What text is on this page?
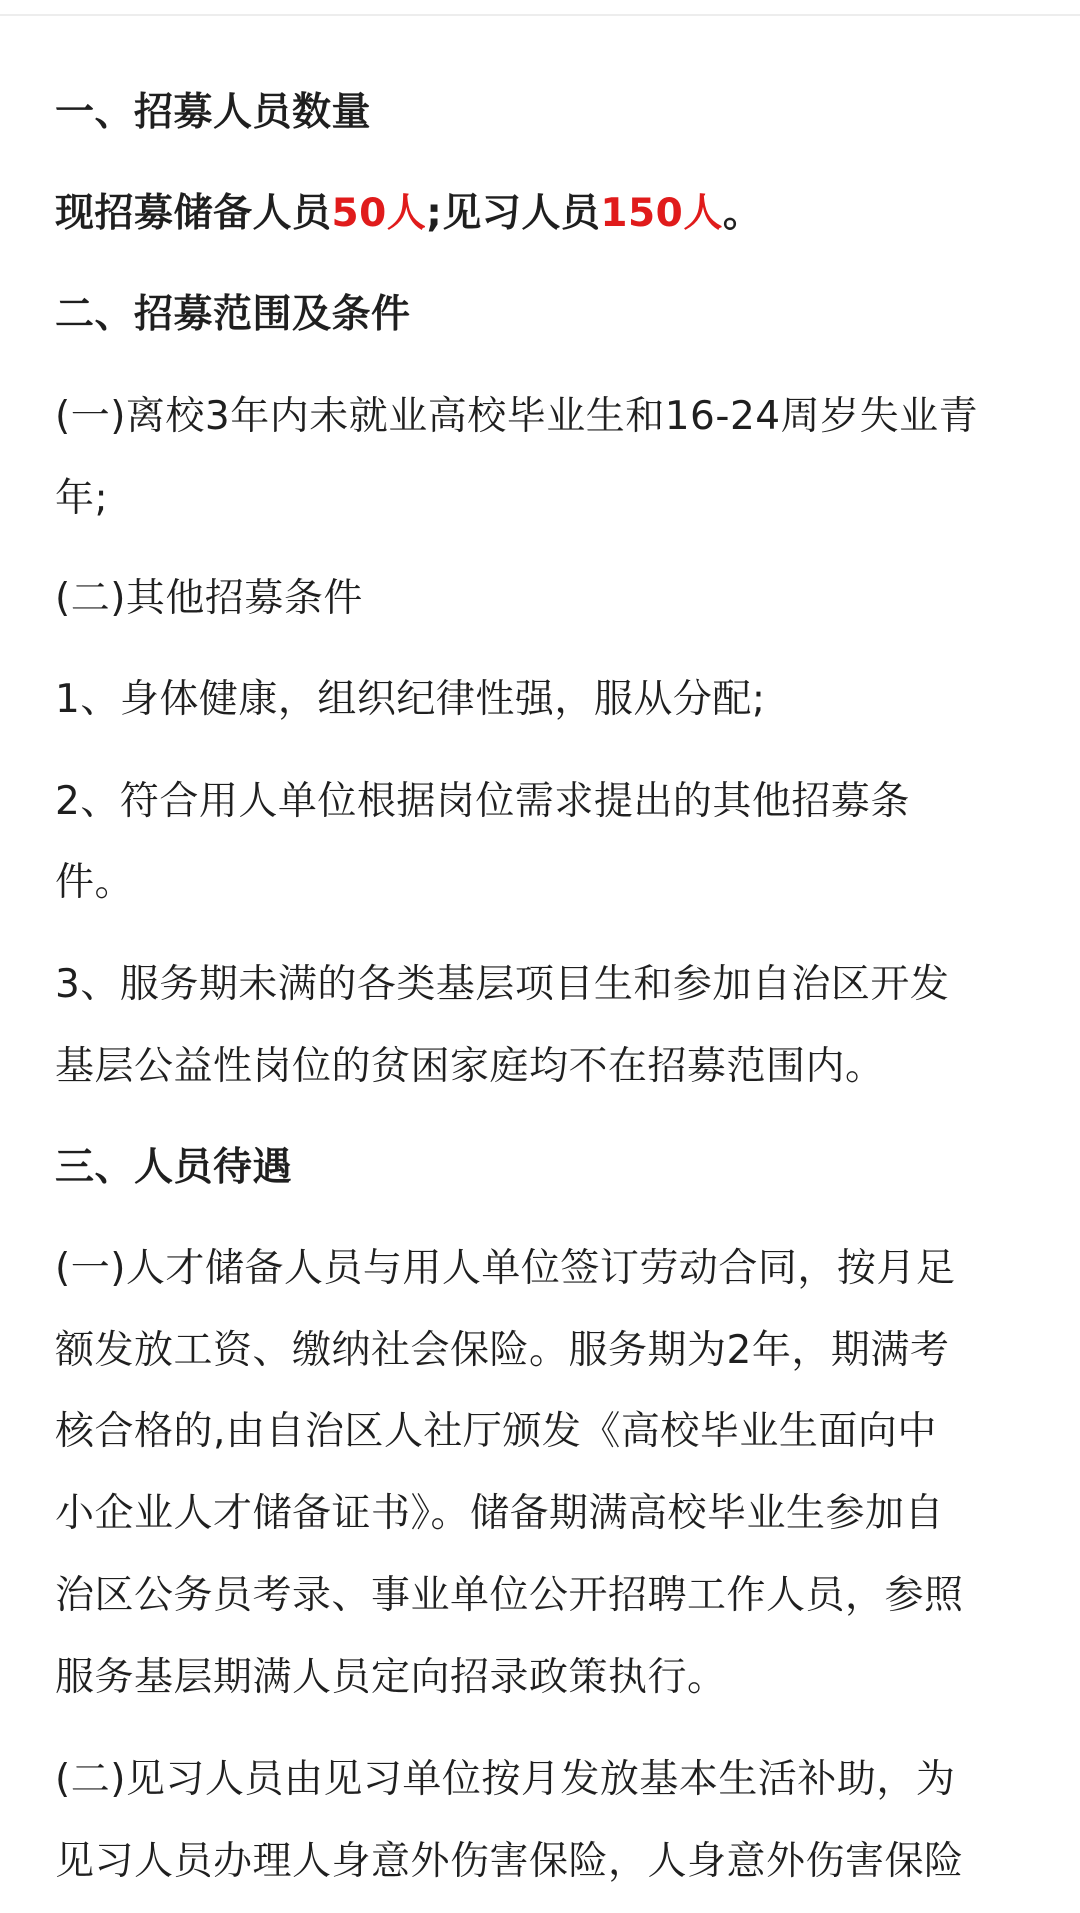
一、招募人员数量
现招募储备人员50人;见习人员150人。
二、招募范围及条件
(一)离校3年内未就业高校毕业生和16-24周岁失业青
年;
(二)其他招募条件
1、身体健康，组织纪律性强，服从分配;
2、符合用人单位根据岗位需求提出的其他招募条
件。
3、服务期未满的各类基层项目生和参加自治区开发
基层公益性岗位的贫困家庭均不在招募范围内。
三、人员待遇
(一)人才储备人员与用人单位签订劳动合同，按月足
额发放工资、缴纳社会保险。服务期为2年，期满考
核合格的,由自治区人社厅颁发《高校毕业生面向中
小企业人才储备证书》。储备期满高校毕业生参加自
治区公务员考录、事业单位公开招聘工作人员，参照
服务基层期满人员定向招录政策执行。
(二)见习人员由见习单位按月发放基本生活补助，为
见习人员办理人身意外伤害保险，人身意外伤害保险
